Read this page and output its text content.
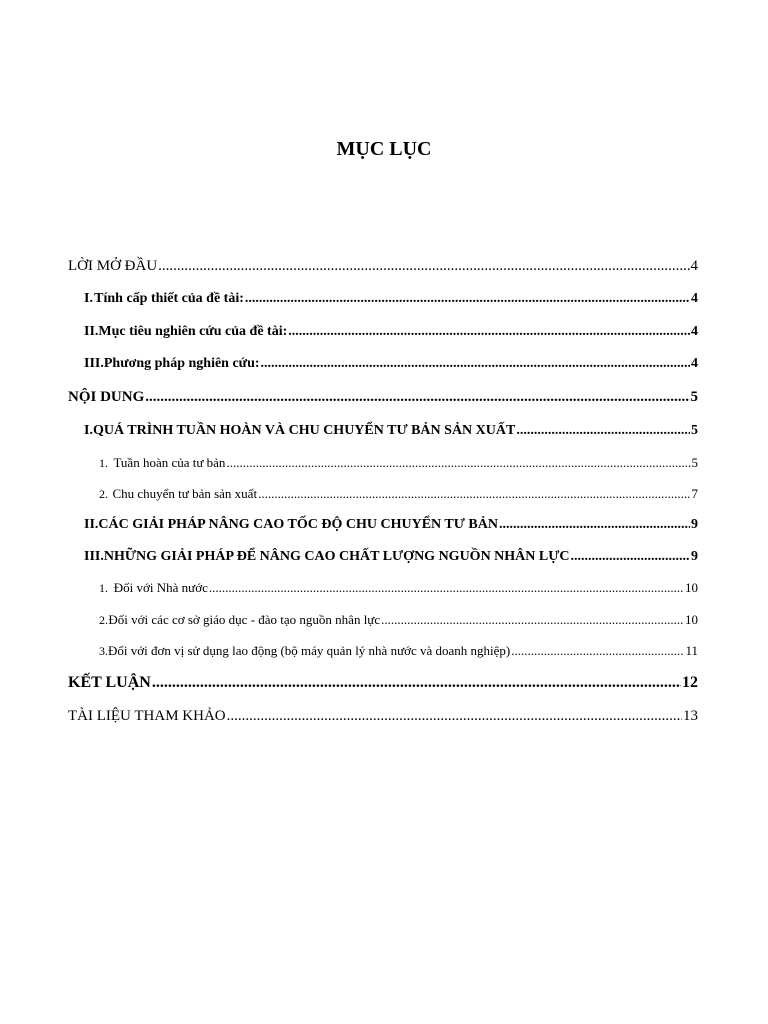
MỤC LỤC
LỜI MỞ ĐẦU .....	4
I. Tính cấp thiết của đề tài: .....	4
II. Mục tiêu nghiên cứu của đề tài: .....	4
III. Phương pháp nghiên cứu: .....	4
NỘI DUNG .....	5
I. QUÁ TRÌNH TUẦN HOÀN VÀ CHU CHUYỂN TƯ BẢN SẢN XUẤT .....	5
1. Tuần hoàn của tư bản .....	5
2. Chu chuyển tư bản sản xuất .....	7
II. CÁC GIẢI PHÁP NÂNG CAO TỐC ĐỘ CHU CHUYỂN TƯ BẢN .....	9
III. NHỮNG GIẢI PHÁP ĐỂ NÂNG CAO CHẤT LƯỢNG NGUỒN NHÂN LỰC .....	9
1. Đối với Nhà nước .....	10
2. Đối với các cơ sở giáo dục - đào tạo nguồn nhân lực .....	10
3. Đối với đơn vị sử dụng lao động (bộ máy quản lý nhà nước và doanh nghiệp) .....	11
KẾT LUẬN .....	12
TÀI LIỆU THAM KHẢO .....	13
